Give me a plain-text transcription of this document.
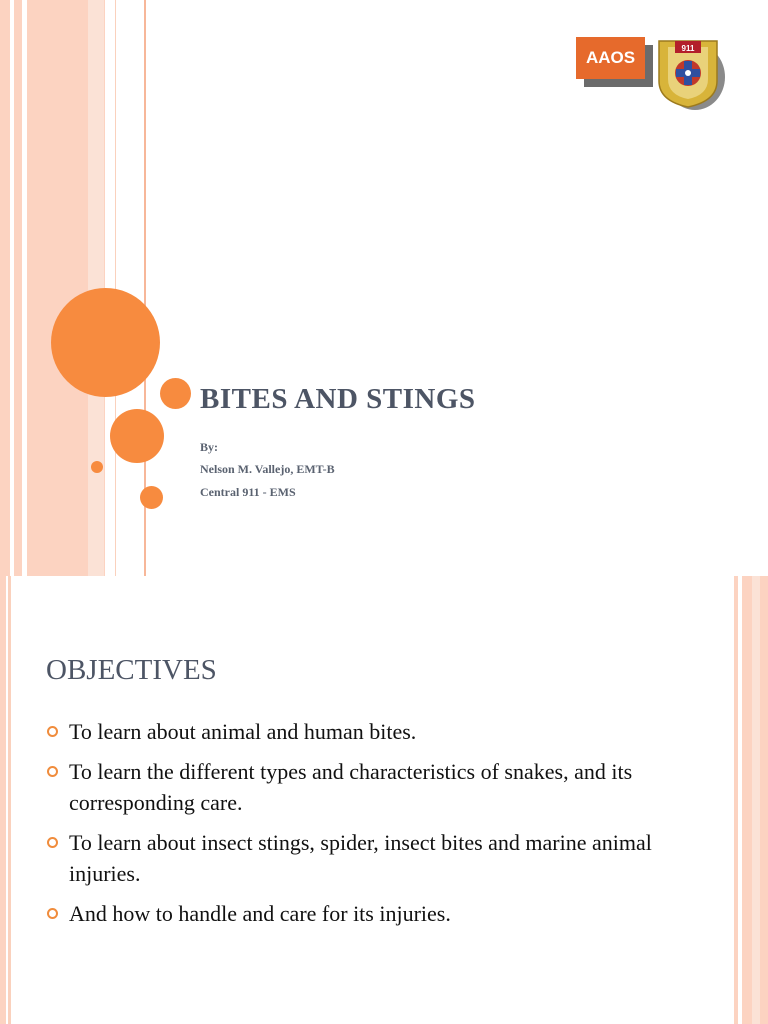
AAOS	911
BITES AND STINGS

By:

Nelson M. Vallejo, EMT-B

Central 911 - EMS

OBJECTIVES
To learn about animal and human bites.
To learn the different types and characteristics of snakes, and its corresponding care.
To learn about insect stings, spider, insect bites and marine animal injuries.
And how to handle and care for its injuries.
